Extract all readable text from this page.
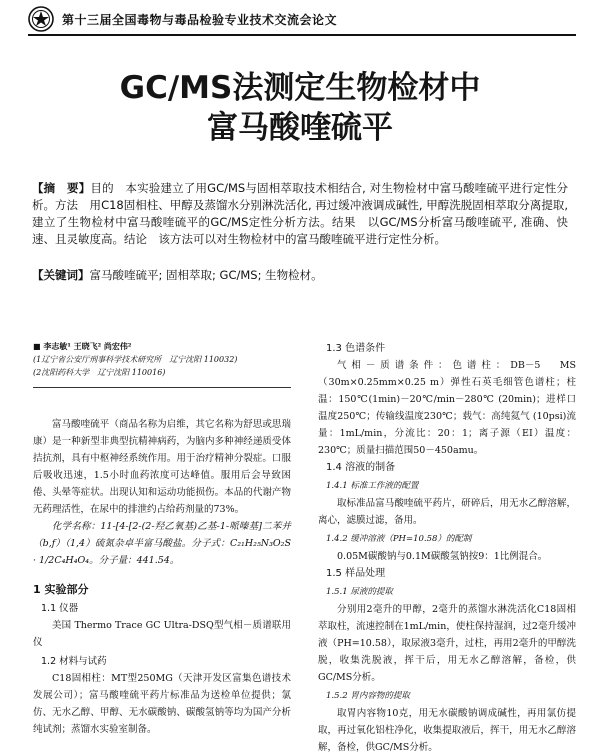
第十三届全国毒物与毒品检验专业技术交流会论文
GC/MS法测定生物检材中
富马酸喹硫平
【摘　要】目的　本实验建立了用GC/MS与固相萃取技术相结合, 对生物检材中富马酸喹硫平进行定性分析。方法　用C18固相柱、甲醇及蒸馏水分别淋洗活化, 再过缓冲液调成碱性, 甲醇洗脱固相萃取分离提取, 建立了生物检材中富马酸喹硫平的GC/MS定性分析方法。结果　以GC/MS分析富马酸喹硫平, 准确、快速、且灵敏度高。结论　该方法可以对生物检材中的富马酸喹硫平进行定性分析。
【关键词】富马酸喹硫平; 固相萃取; GC/MS; 生物检材。
■ 李志敏¹ 王晓飞² 尚宏伟²
(1辽宁省公安厅刑事科学技术研究所　辽宁沈阳 110032)
(2沈阳药科大学　辽宁沈阳 110016)

富马酸喹硫平（商品名称为启维，其它名称为舒思或思瑞康）是一种新型非典型抗精神病药，为脑内多种神经递质受体拮抗剂，具有中枢神经系统作用。用于治疗精神分裂症。口服后吸收迅速，1.5小时血药浓度可达峰值。服用后会导致困倦、头晕等症状。出现认知和运动功能损伤。本品的代谢产物无药理活性，在尿中的排泄约占给药剂量的73%。

化学名称：11-[4-[2-(2-羟乙氧基)乙基-1-哌嗪基]二苯并（b,f）（1,4）硫氮杂卓半富马酸盐。分子式：C₂₁H₂₅N₃O₂S · 1/2C₄H₄O₄。分子量：441.54。

1 实验部分
1.1 仪器

美国 Thermo Trace GC Ultra-DSQ型气相－质谱联用仪

1.2 材料与试药

C18固相柱：MT型250MG（天津开发区富集色谱技术发展公司）；富马酸喹硫平药片标准品为送检单位提供；氯仿、无水乙醇、甲醇、无水碳酸钠、碳酸氢钠等均为国产分析纯试剂；蒸馏水实验室制备。

1.3 色谱条件

气相－质谱条件：色谱柱：DB－5　MS（30m×0.25mm×0.25 m）弹性石英毛细管色谱柱；柱温：150℃(1min)－20℃/min－280℃ (20min)；进样口温度250℃；传输线温度230℃；载气：高纯氦气 (10psi)流量：1mL/min，分流比：20：1；离子源（EI）温度：230℃；质量扫描范围50－450amu。

1.4 溶液的制备
1.4.1 标准工作液的配置

取标准品富马酸喹硫平药片，研碎后，用无水乙醇溶解，离心，滤膜过滤，备用。

1.4.2 缓冲溶液（PH=10.58）的配制

0.05M碳酸钠与0.1M碳酸氢钠按9：1比例混合。

1.5 样品处理
1.5.1 尿液的提取

分别用2毫升的甲醇，2毫升的蒸馏水淋洗活化C18固相萃取柱，流速控制在1mL/min，使柱保持湿润，过2毫升缓冲液（PH=10.58），取尿液3毫升，过柱，再用2毫升的甲醇洗脱，收集洗脱液，挥干后，用无水乙醇溶解，备检，供GC/MS分析。

1.5.2 胃内容物的提取

取胃内容物10克，用无水碳酸钠调成碱性，再用氯仿提取，再过氧化铝柱净化，收集提取液后，挥干，用无水乙醇溶解，备检，供GC/MS分析。
